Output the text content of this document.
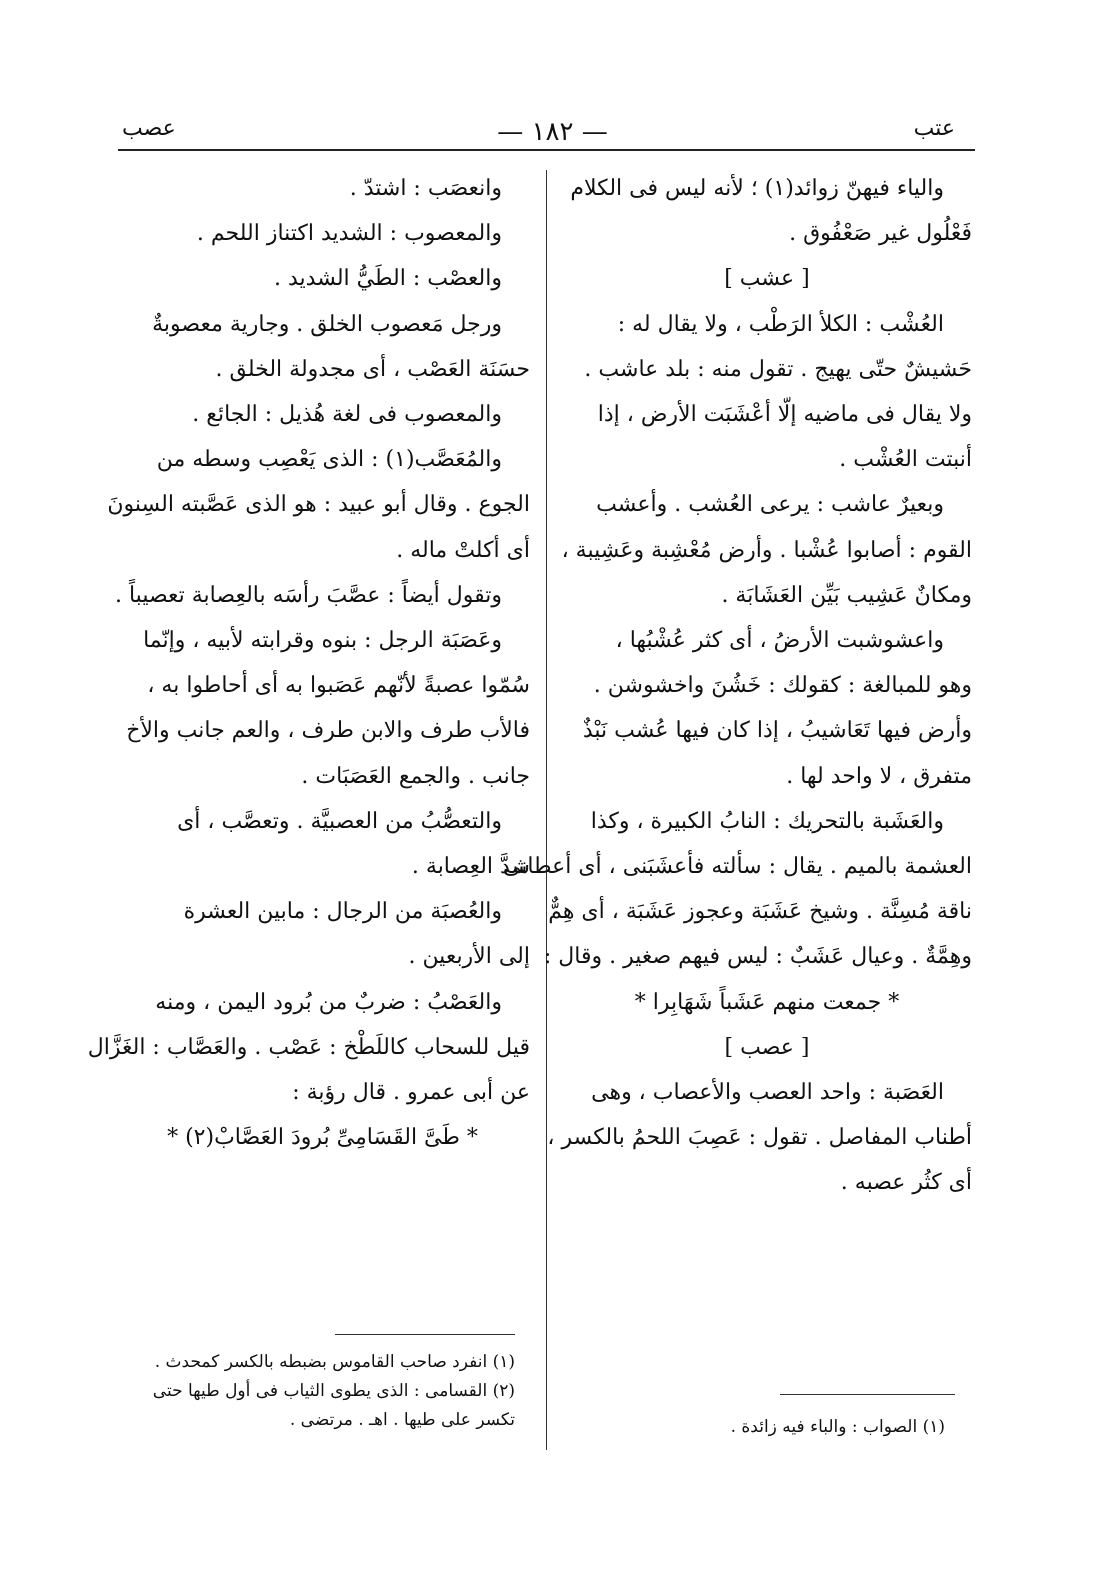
عتب
— ١٨٢ —
عصب
والياء فيهنّ زوائد(١) ؛ لأنه ليس فى الكلام
فَعْلُول غير صَعْفُوق .
[ عشب ]
العُشْب : الكلأ الرَطْب ، ولا يقال له :
حَشيشٌ حتّى يهيج . تقول منه : بلد عاشب .
ولا يقال فى ماضيه إلّا أعْشَبَت الأرض ، إذا
أنبتت العُشْب .
وبعيرٌ عاشب : يرعى العُشب . وأعشب
القوم : أصابوا عُشْبا . وأرض مُعْشِبة وعَشِيبة ،
ومكانٌ عَشِيب بَيِّن العَشَابَة .
واعشوشبت الأرضُ ، أى كثر عُشْبُها ،
وهو للمبالغة : كقولك : خَشُنَ واخشوشن .
وأرض فيها تَعَاشيبُ ، إذا كان فيها عُشب نَبْذٌ
متفرق ، لا واحد لها .
والعَشَبة بالتحريك : النابُ الكبيرة ، وكذا
العشمة بالميم . يقال : سألته فأعشَبَنى ، أى أعطانى
ناقة مُسِنَّة . وشيخ عَشَبَة وعجوز عَشَبَة ، أى هِمٌّ
وهِمَّةٌ . وعيال عَشَبٌ : ليس فيهم صغير . وقال :
* جمعت منهم عَشَباً شَهَابِرا *
[ عصب ]
العَصَبة : واحد العصب والأعصاب ، وهى
أطناب المفاصل . تقول : عَصِبَ اللحمُ بالكسر ،
أى كثُر عصبه .
وانعصَب : اشتدّ .
والمعصوب : الشديد اكتناز اللحم .
والعصْب : الطَيُّ الشديد .
ورجل مَعصوب الخلق . وجارية معصوبةٌ
حسَنَة العَصْب ، أى مجدولة الخلق .
والمعصوب فى لغة هُذيل : الجائع .
والمُعَصَّب(١) : الذى يَعْصِب وسطه من
الجوع . وقال أبو عبيد : هو الذى عَصَّبته السِنونَ
أى أكلتْ ماله .
وتقول أيضاً : عصَّبَ رأسَه بالعِصابة تعصيباً .
وعَصَبَة الرجل : بنوه وقرابته لأبيه ، وإنّما
سُمّوا عصبةً لأنّهم عَصَبوا به أى أحاطوا به ،
فالأب طرف والابن طرف ، والعم جانب والأخ
جانب . والجمع العَصَبَات .
والتعصُّبُ من العصبيَّة . وتعصَّب ، أى
شدَّ العِصابة .
والعُصبَة من الرجال : مابين العشرة
إلى الأربعين .
والعَصْبُ : ضربٌ من بُرود اليمن ، ومنه
قيل للسحاب كاللَطْخ : عَصْب . والعَصَّاب : الغَزَّال
عن أبى عمرو . قال رؤبة :
* طَىَّ القَسَامِىِّ بُرودَ العَصَّابْ(٢) *
(١) الصواب : والباء فيه زائدة .
(١) انفرد صاحب القاموس بضبطه بالكسر كمحدث .
(٢) القسامى : الذى يطوى الثياب فى أول طيها حتى
تكسر على طيها . اهـ . مرتضى .
